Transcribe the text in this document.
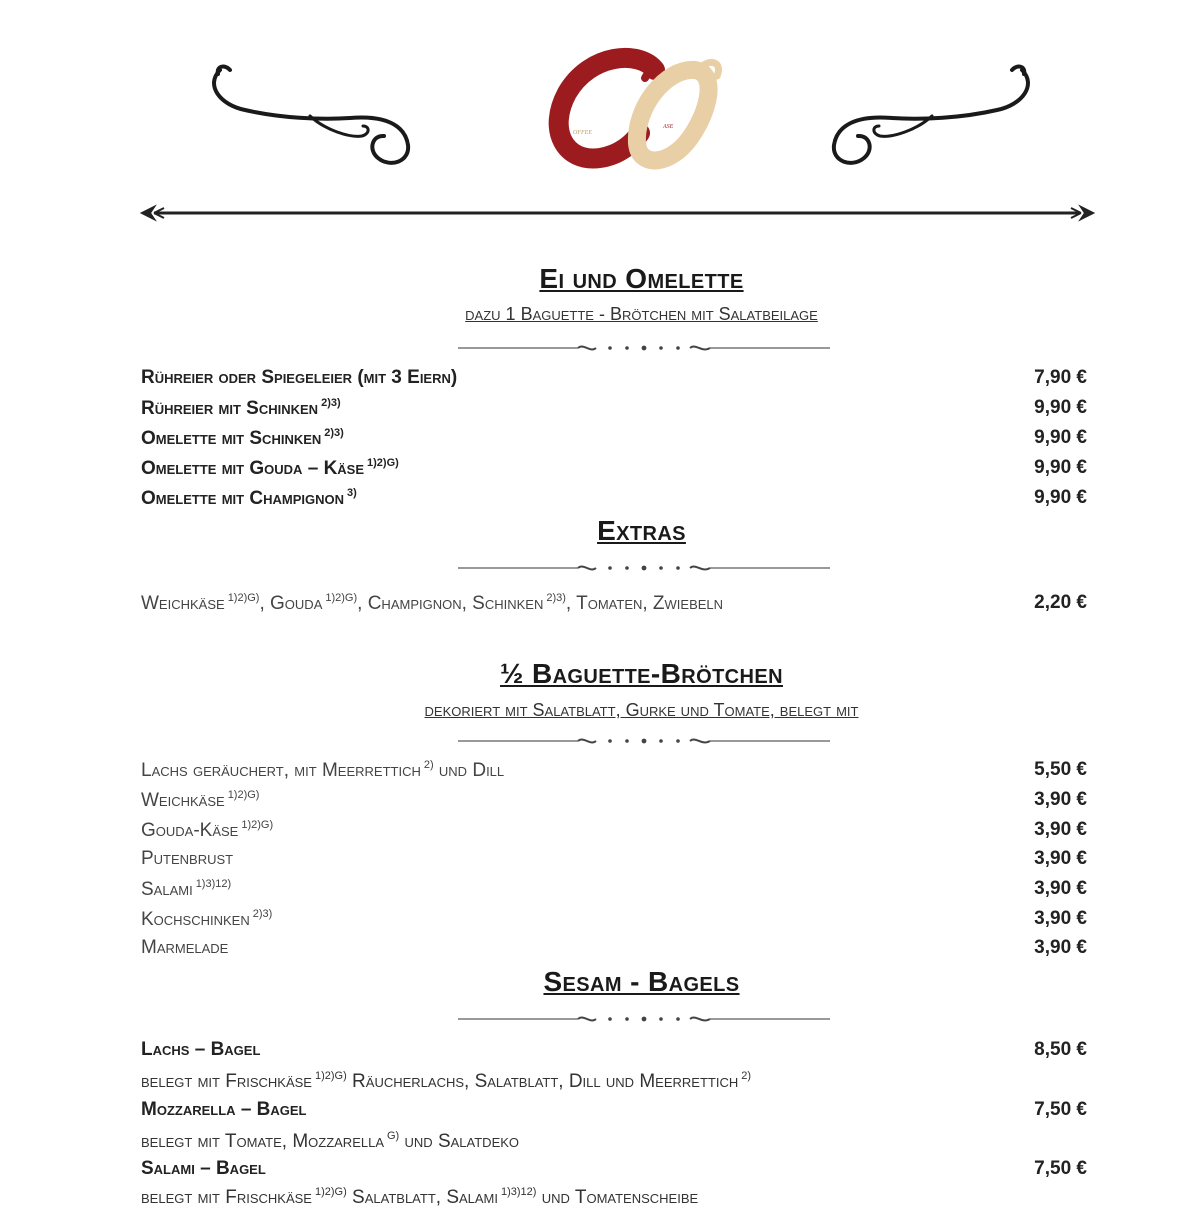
offee
ase
Ei und Omelette
dazu 1 Baguette - Brötchen mit Salatbeilage
Rühreier oder Spiegeleier (mit 3 Eiern)	7,90 €
Rühreier mit Schinken $^{2)3)}$	9,90 €
Omelette mit Schinken $^{2)3)}$	9,90 €
Omelette mit Gouda – Käse $^{1)2)G)}$	9,90 €
Omelette mit Champignon $^{3)}$	9,90 €
Extras
Weichkäse $^{1)2)G)}$, Gouda $^{1)2)G)}$, Champignon, Schinken $^{2)3)}$, Tomaten, Zwiebeln	2,20 €
½ Baguette-Brötchen
dekoriert mit Salatblatt, Gurke und Tomate, belegt mit
Lachs geräuchert, mit Meerrettich $^{2)}$ und Dill	5,50 €
Weichkäse $^{1)2)G)}$	3,90 €
Gouda-Käse $^{1)2)G)}$	3,90 €
Putenbrust	3,90 €
Salami $^{1)3)12)}$	3,90 €
Kochschinken $^{2)3)}$	3,90 €
Marmelade	3,90 €
Sesam - Bagels
Lachs – Bagel	8,50 €
belegt mit Frischkäse $^{1)2)G)}$ Räucherlachs, Salatblatt, Dill und Meerrettich $^{2)}$
Mozzarella – Bagel	7,50 €
belegt mit Tomate, Mozzarella $^{G)}$ und Salatdeko
Salami – Bagel	7,50 €
belegt mit Frischkäse $^{1)2)G)}$ Salatblatt, Salami $^{1)3)12)}$ und Tomatenscheibe
